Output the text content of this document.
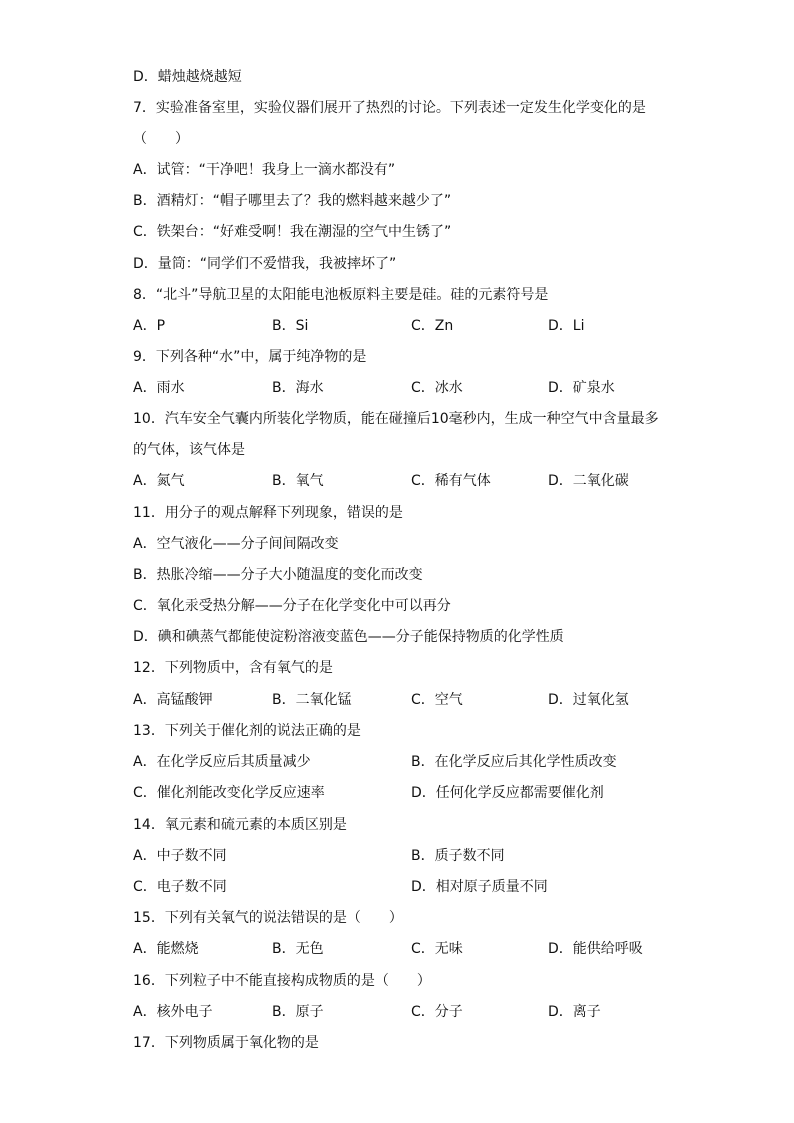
D．蜡烛越烧越短
7．实验准备室里，实验仪器们展开了热烈的讨论。下列表述一定发生化学变化的是
（　　）
A．试管：“干净吧！我身上一滴水都没有”
B．酒精灯：“帽子哪里去了？我的燃料越来越少了”
C．铁架台：“好难受啊！我在潮湿的空气中生锈了”
D．量筒：“同学们不爱惜我，我被摔坏了”
8．“北斗”导航卫星的太阳能电池板原料主要是硅。硅的元素符号是
A．P	B．Si	C．Zn	D．Li
9．下列各种“水”中，属于纯净物的是
A．雨水	B．海水	C．冰水	D．矿泉水
10．汽车安全气囊内所装化学物质，能在碰撞后10毫秒内，生成一种空气中含量最多
的气体，该气体是
A．氮气	B．氧气	C．稀有气体	D．二氧化碳
11．用分子的观点解释下列现象，错误的是
A．空气液化——分子间间隔改变
B．热胀冷缩——分子大小随温度的变化而改变
C．氧化汞受热分解——分子在化学变化中可以再分
D．碘和碘蒸气都能使淀粉溶液变蓝色——分子能保持物质的化学性质
12．下列物质中，含有氧气的是
A．高锰酸钾	B．二氧化锰	C．空气	D．过氧化氢
13．下列关于催化剂的说法正确的是
A．在化学反应后其质量减少	B．在化学反应后其化学性质改变
C．催化剂能改变化学反应速率	D．任何化学反应都需要催化剂
14．氧元素和硫元素的本质区别是
A．中子数不同	B．质子数不同
C．电子数不同	D．相对原子质量不同
15．下列有关氧气的说法错误的是（　　）
A．能燃烧	B．无色	C．无味	D．能供给呼吸
16．下列粒子中不能直接构成物质的是（　　）
A．核外电子	B．原子	C．分子	D．离子
17．下列物质属于氧化物的是
